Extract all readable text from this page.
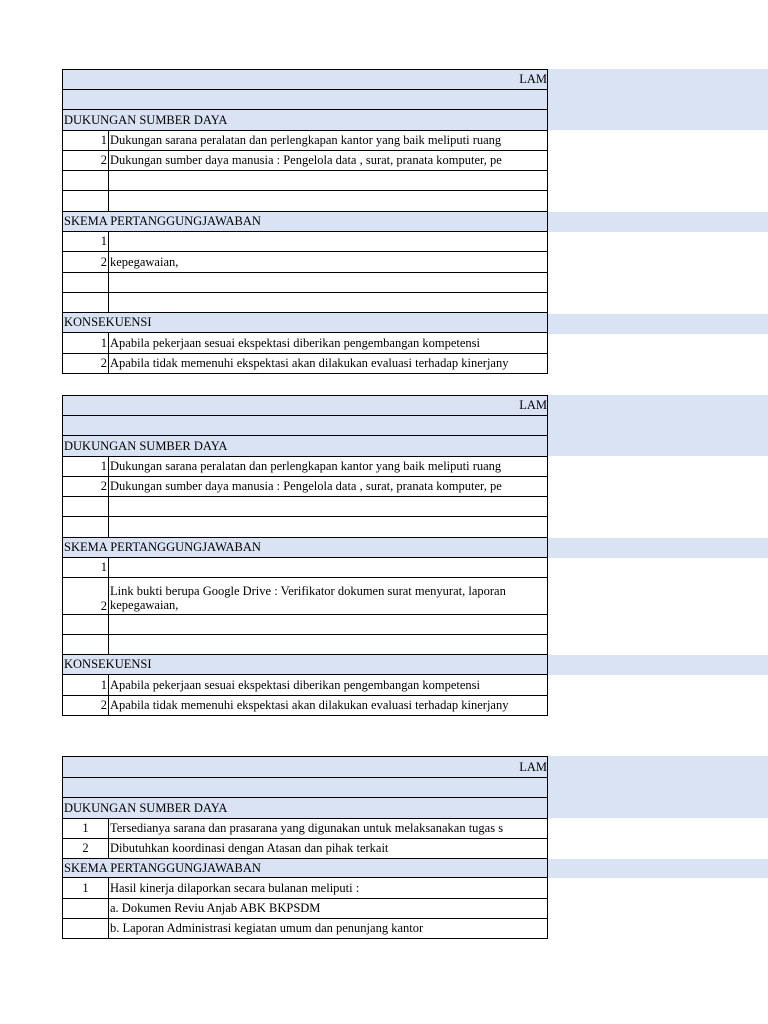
LAM	

DUKUNGAN SUMBER DAYA	
1	Dukungan sarana peralatan dan perlengkapan kantor yang baik meliputi ruang
2	Dukungan sumber daya manusia : Pengelola data , surat, pranata komputer, pe

SKEMA PERTANGGUNGJAWABAN	
1	
2	kepegawaian,

KONSEKUENSI	
1	Apabila pekerjaan sesuai ekspektasi diberikan pengembangan kompetensi
2	Apabila tidak memenuhi ekspektasi akan dilakukan evaluasi terhadap kinerjany
LAM	

DUKUNGAN SUMBER DAYA	
1	Dukungan sarana peralatan dan perlengkapan kantor yang baik meliputi ruang
2	Dukungan sumber daya manusia : Pengelola data , surat, pranata komputer, pe

SKEMA PERTANGGUNGJAWABAN	
1	
2	Link bukti berupa Google Drive : Verifikator dokumen surat menyurat, laporan
kepegawaian,

KONSEKUENSI	
1	Apabila pekerjaan sesuai ekspektasi diberikan pengembangan kompetensi
2	Apabila tidak memenuhi ekspektasi akan dilakukan evaluasi terhadap kinerjany
LAM	

DUKUNGAN SUMBER DAYA	
1	Tersedianya sarana dan prasarana yang digunakan untuk melaksanakan tugas s
2	Dibutuhkan koordinasi dengan Atasan dan pihak terkait
SKEMA PERTANGGUNGJAWABAN	
1	Hasil kinerja dilaporkan secara bulanan meliputi :
	a. Dokumen Reviu Anjab ABK BKPSDM
	b. Laporan Administrasi kegiatan umum dan penunjang kantor
